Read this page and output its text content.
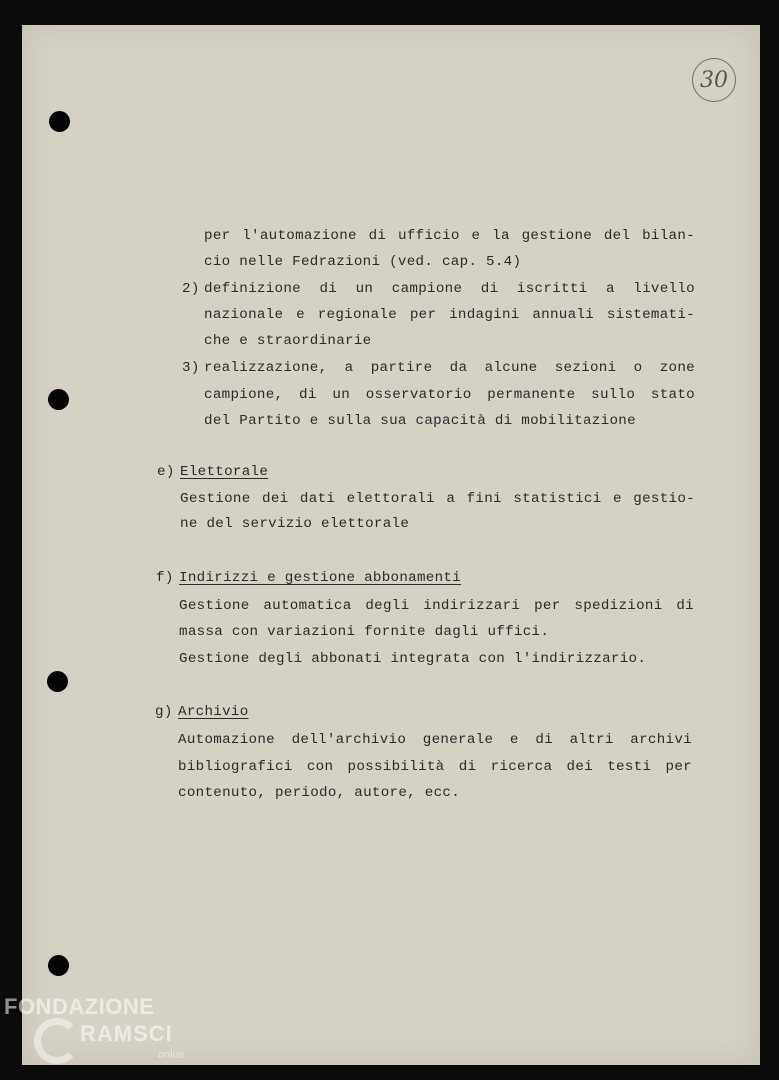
30
per l'automazione di ufficio e la gestione del bilan-
cio nelle Fedrazioni (ved. cap. 5.4)
2) definizione di un campione di iscritti a livello
nazionale e regionale per indagini annuali sistemati-
che e straordinarie
3) realizzazione, a partire da alcune sezioni o zone
campione, di un osservatorio permanente sullo stato
del Partito e sulla sua capacità di mobilitazione
e) Elettorale
Gestione dei dati elettorali a fini statistici e gestio-
ne del servizio elettorale
f) Indirizzi e gestione abbonamenti
Gestione automatica degli indirizzari per spedizioni di
massa con variazioni fornite dagli uffici.
Gestione degli abbonati integrata con l'indirizzario.
g) Archivio
Automazione dell'archivio generale e di altri archivi
bibliografici con possibilità di ricerca dei testi per
contenuto, periodo, autore, ecc.
FONDAZIONE
RAMSCI
onlus
